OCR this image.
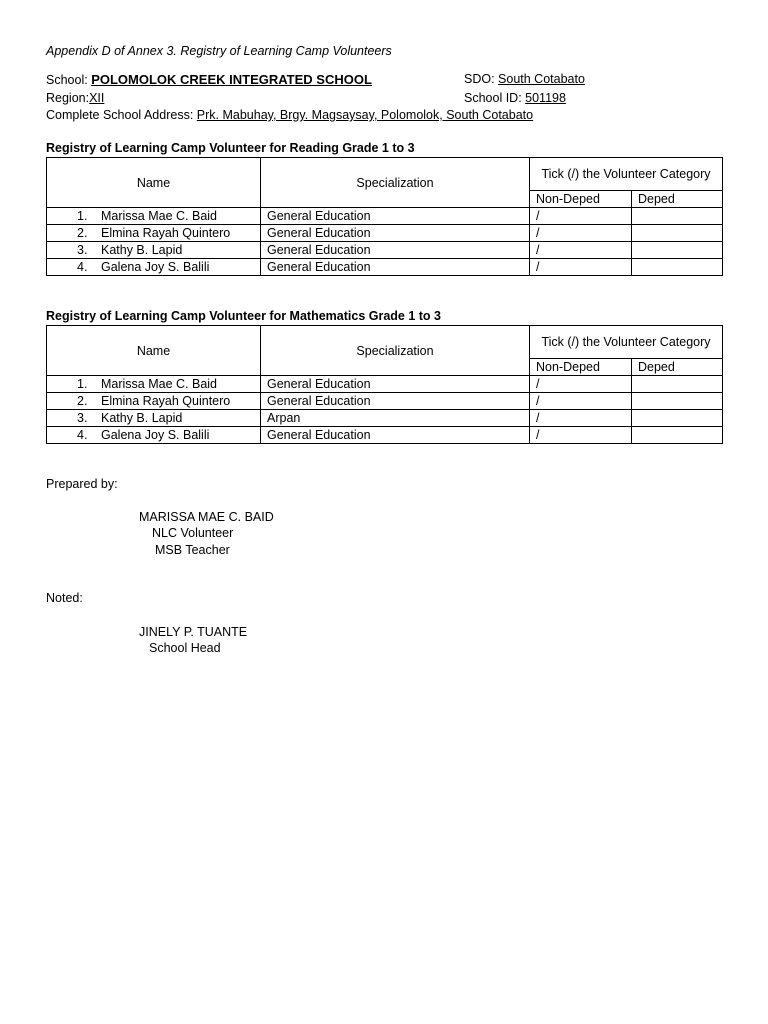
Appendix D of Annex 3. Registry of Learning Camp Volunteers
School: POLOMOLOK CREEK INTEGRATED SCHOOL	SDO: South Cotabato
Region:XII	School ID: 501198
Complete School Address: Prk. Mabuhay, Brgy. Magsaysay, Polomolok, South Cotabato
Registry of Learning Camp Volunteer for Reading Grade 1 to 3
Name	Specialization	Tick (/) the Volunteer Category	
		Non-Deped	Deped
1. Marissa Mae C. Baid	General Education	/	
2. Elmina Rayah Quintero	General Education	/	
3. Kathy B. Lapid	General Education	/	
4. Galena Joy S. Balili	General Education	/	
Registry of Learning Camp Volunteer for Mathematics Grade 1 to 3
Name	Specialization	Tick (/) the Volunteer Category	
		Non-Deped	Deped
1. Marissa Mae C. Baid	General Education	/	
2. Elmina Rayah Quintero	General Education	/	
3. Kathy B. Lapid	Arpan	/	
4. Galena Joy S. Balili	General Education	/	
Prepared by:
MARISSA MAE C. BAID
NLC Volunteer
MSB Teacher
Noted:
JINELY P. TUANTE
School Head
